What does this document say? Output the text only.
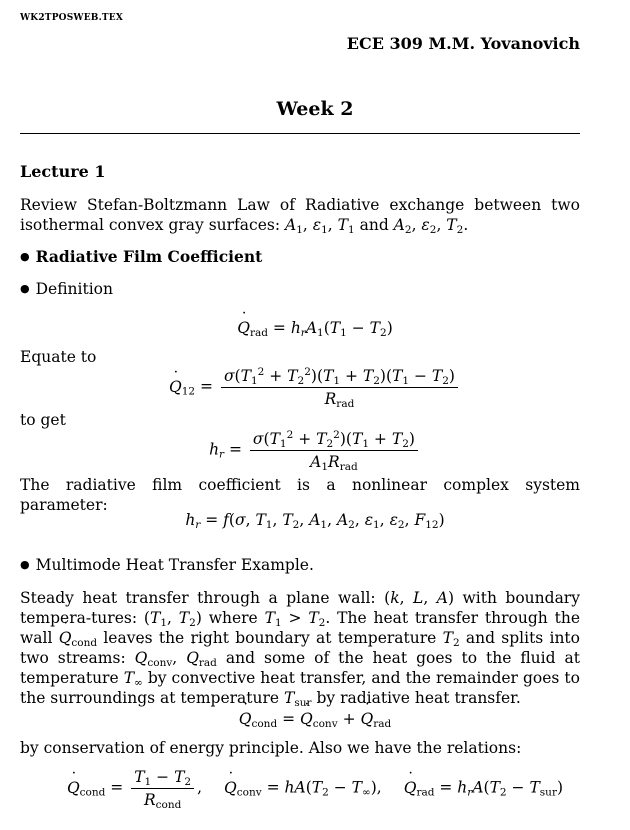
WK2TPOSWEB.TEX
ECE 309 M.M. Yovanovich
Week 2
Lecture 1
Review Stefan-Boltzmann Law of Radiative exchange between two isothermal convex gray surfaces: $A_1$, $\varepsilon_1$, $T_1$ and $A_2$, $\varepsilon_2$, $T_2$.
● Radiative Film Coefficient
● Definition
˙ $Q_{rad} = h_rA_1(T_1 - T_2)$
Equate to
˙ $Q_{12} = \frac{\sigma(T_1^2 + T_2^2)(T_1 + T_2)(T_1 - T_2)}{R_{rad}}$
to get
$h_r = \frac{\sigma(T_1^2 + T_2^2)(T_1 + T_2)}{A_1R_{rad}}$
The radiative film coefficient is a nonlinear complex system parameter:
$h_r = f(\sigma$, $T_1$, $T_2$, $A_1$, $A_2$, $\varepsilon_1$, $\varepsilon_2$, $F_{12}$)
● Multimode Heat Transfer Example.
Steady heat transfer through a plane wall: (k, L, A) with boundary tempera-tures: ($T_1$, $T_2$) where $T_1 > T_2$. The heat transfer through the wall ˙ $Q_{cond}$ leaves the right boundary at temperature $T_2$ and splits into two streams: ˙ $Q_{conv}$, ˙ $Q_{rad}$ and some of the heat goes to the fluid at temperature $T_\infty$ by convective heat transfer, and the remainder goes to the surroundings at temperature $T_{sur}$ by radiative heat transfer.
˙ $Q_{cond}$ = ˙ $Q_{conv}$ + ˙ $Q_{rad}$
by conservation of energy principle. Also we have the relations:
˙ $Q_{cond} = \frac{T_1 - T_2}{R_{cond}}$ ,˙ $Q_{conv} = hA(T_2$ − $T_\infty),˙$ $Q_{rad} = h_rA(T_2 - T_{sur})$
